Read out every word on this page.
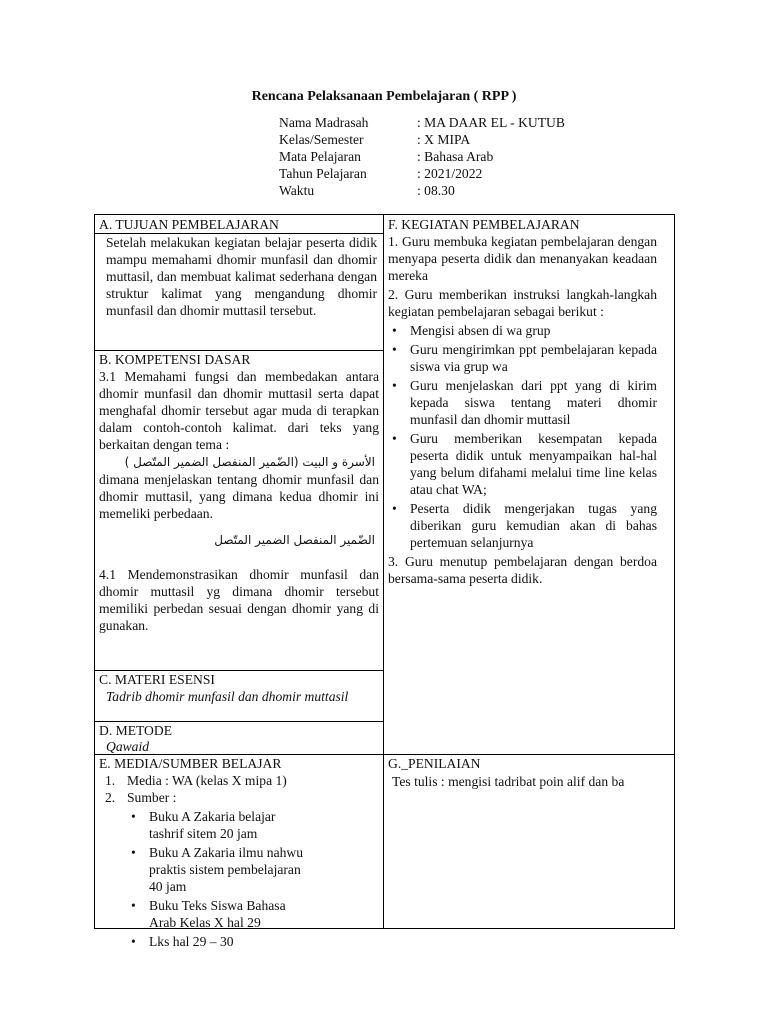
Rencana Pelaksanaan Pembelajaran ( RPP )
Nama Madrasah	: MA DAAR EL - KUTUB
Kelas/Semester	: X MIPA
Mata Pelajaran	: Bahasa Arab
Tahun Pelajaran	: 2021/2022
Waktu	: 08.30
A. TUJUAN PEMBELAJARAN
Setelah melakukan kegiatan belajar peserta didik mampu memahami dhomir munfasil dan dhomir muttasil, dan membuat kalimat sederhana dengan struktur kalimat yang mengandung dhomir munfasil dan dhomir muttasil tersebut.
B. KOMPETENSI DASAR
3.1 Memahami fungsi dan membedakan antara dhomir munfasil dan dhomir muttasil serta dapat menghafal dhomir tersebut agar muda di terapkan dalam contoh-contoh kalimat. dari teks yang berkaitan dengan tema :
الأسرة و البيت (الضّمير المنفصل الضمير المتّصل )
dimana menjelaskan tentang dhomir munfasil dan dhomir muttasil, yang dimana kedua dhomir ini memeliki perbedaan.
الضّمير المنفصل الضمير المتّصل
4.1 Mendemonstrasikan dhomir munfasil dan dhomir muttasil yg dimana dhomir tersebut memiliki perbedan sesuai dengan dhomir yang di gunakan.
C. MATERI ESENSI
Tadrib dhomir munfasil dan dhomir muttasil
D. METODE
Qawaid
E. MEDIA/SUMBER BELAJAR
1. Media : WA (kelas X mipa 1)
2. Sumber :
• Buku A Zakaria belajar tashrif sitem 20 jam
• Buku A Zakaria ilmu nahwu praktis sistem pembelajaran 40 jam
• Buku Teks Siswa Bahasa Arab Kelas X hal 29
• Lks hal 29 – 30
F. KEGIATAN PEMBELAJARAN
1. Guru membuka kegiatan pembelajaran dengan menyapa peserta didik dan menanyakan keadaan mereka
2. Guru memberikan instruksi langkah-langkah kegiatan pembelajaran sebagai berikut :
• Mengisi absen di wa grup
• Guru mengirimkan ppt pembelajaran kepada siswa via grup wa
• Guru menjelaskan dari ppt yang di kirim kepada siswa tentang materi dhomir munfasil dan dhomir muttasil
• Guru memberikan kesempatan kepada peserta didik untuk menyampaikan hal-hal yang belum difahami melalui time line kelas atau chat WA;
• Peserta didik mengerjakan tugas yang diberikan guru kemudian akan di bahas pertemuan selanjurnya
3. Guru menutup pembelajaran dengan berdoa bersama-sama peserta didik.
G._PENILAIAN
Tes tulis : mengisi tadribat poin alif dan ba
